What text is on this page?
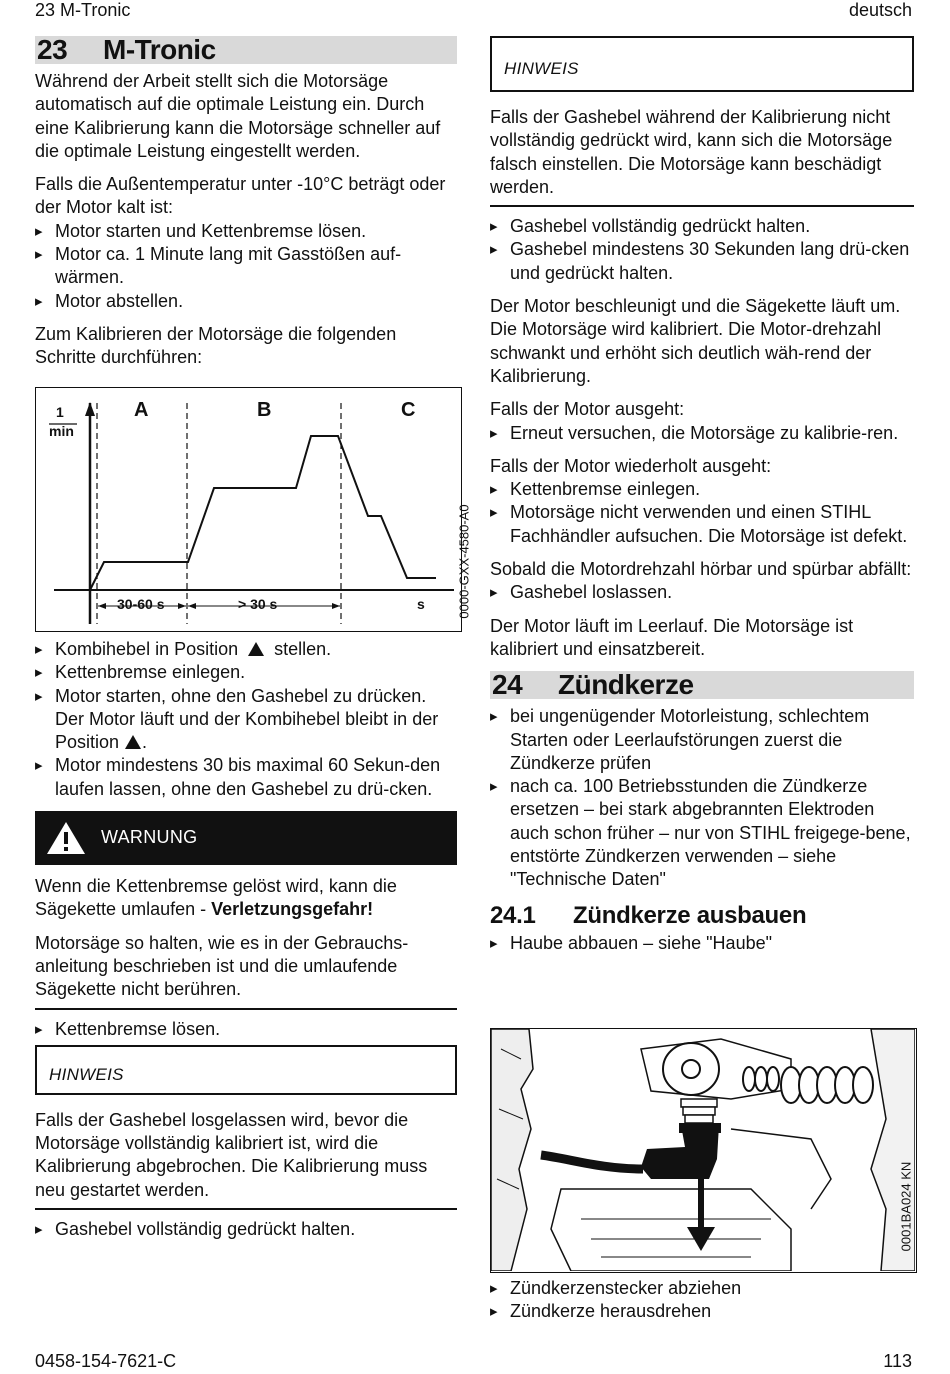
23 M-Tronic	deutsch
23 M-Tronic

Während der Arbeit stellt sich die Motorsäge automatisch auf die optimale Leistung ein. Durch eine Kalibrierung kann die Motorsäge schneller auf die optimale Leistung eingestellt werden.

Falls die Außentemperatur unter -10°C beträgt oder der Motor kalt ist:

▸ Motor starten und Kettenbremse lösen.
▸ Motor ca. 1 Minute lang mit Gasstößen auf-wärmen.
▸ Motor abstellen.

Zum Kalibrieren der Motorsäge die folgenden Schritte durchführen:

1
min
A	B	C
30-60 s	> 30 s	s 0000-GXX-4580-A0
▸ Kombihebel in Position stellen.
▸ Kettenbremse einlegen.
▸ Motor starten, ohne den Gashebel zu drücken. Der Motor läuft und der Kombihebel bleibt in der Position .
▸ Motor mindestens 30 bis maximal 60 Sekun-den laufen lassen, ohne den Gashebel zu drü-cken.
WARNUNG

Wenn die Kettenbremse gelöst wird, kann die Sägekette umlaufen - Verletzungsgefahr!

Motorsäge so halten, wie es in der Gebrauchs-anleitung beschrieben ist und die umlaufende Sägekette nicht berühren.

▸ Kettenbremse lösen.
HINWEIS

Falls der Gashebel losgelassen wird, bevor die Motorsäge vollständig kalibriert ist, wird die Kalibrierung abgebrochen. Die Kalibrierung muss neu gestartet werden.

▸ Gashebel vollständig gedrückt halten.
HINWEIS

Falls der Gashebel während der Kalibrierung nicht vollständig gedrückt wird, kann sich die Motorsäge falsch einstellen. Die Motorsäge kann beschädigt werden.

▸ Gashebel vollständig gedrückt halten.
▸ Gashebel mindestens 30 Sekunden lang drü-cken und gedrückt halten.

Der Motor beschleunigt und die Sägekette läuft um. Die Motorsäge wird kalibriert. Die Motor-drehzahl schwankt und erhöht sich deutlich wäh-rend der Kalibrierung.

Falls der Motor ausgeht:

▸ Erneut versuchen, die Motorsäge zu kalibrie-ren.

Falls der Motor wiederholt ausgeht:

▸ Kettenbremse einlegen.
▸ Motorsäge nicht verwenden und einen STIHL Fachhändler aufsuchen. Die Motorsäge ist defekt.

Sobald die Motordrehzahl hörbar und spürbar abfällt:

▸ Gashebel loslassen.

Der Motor läuft im Leerlauf. Die Motorsäge ist kalibriert und einsatzbereit.

24 Zündkerze
▸ bei ungenügender Motorleistung, schlechtem Starten oder Leerlaufstörungen zuerst die Zündkerze prüfen
▸ nach ca. 100 Betriebsstunden die Zündkerze ersetzen – bei stark abgebrannten Elektroden auch schon früher – nur von STIHL freigege-bene, entstörte Zündkerzen verwenden – siehe "Technische Daten"
24.1 Zündkerze ausbauen
▸ Haube abbauen – siehe "Haube"
0001BA024 KN
▸ Zündkerzenstecker abziehen
▸ Zündkerze herausdrehen
0458-154-7621-C	113
